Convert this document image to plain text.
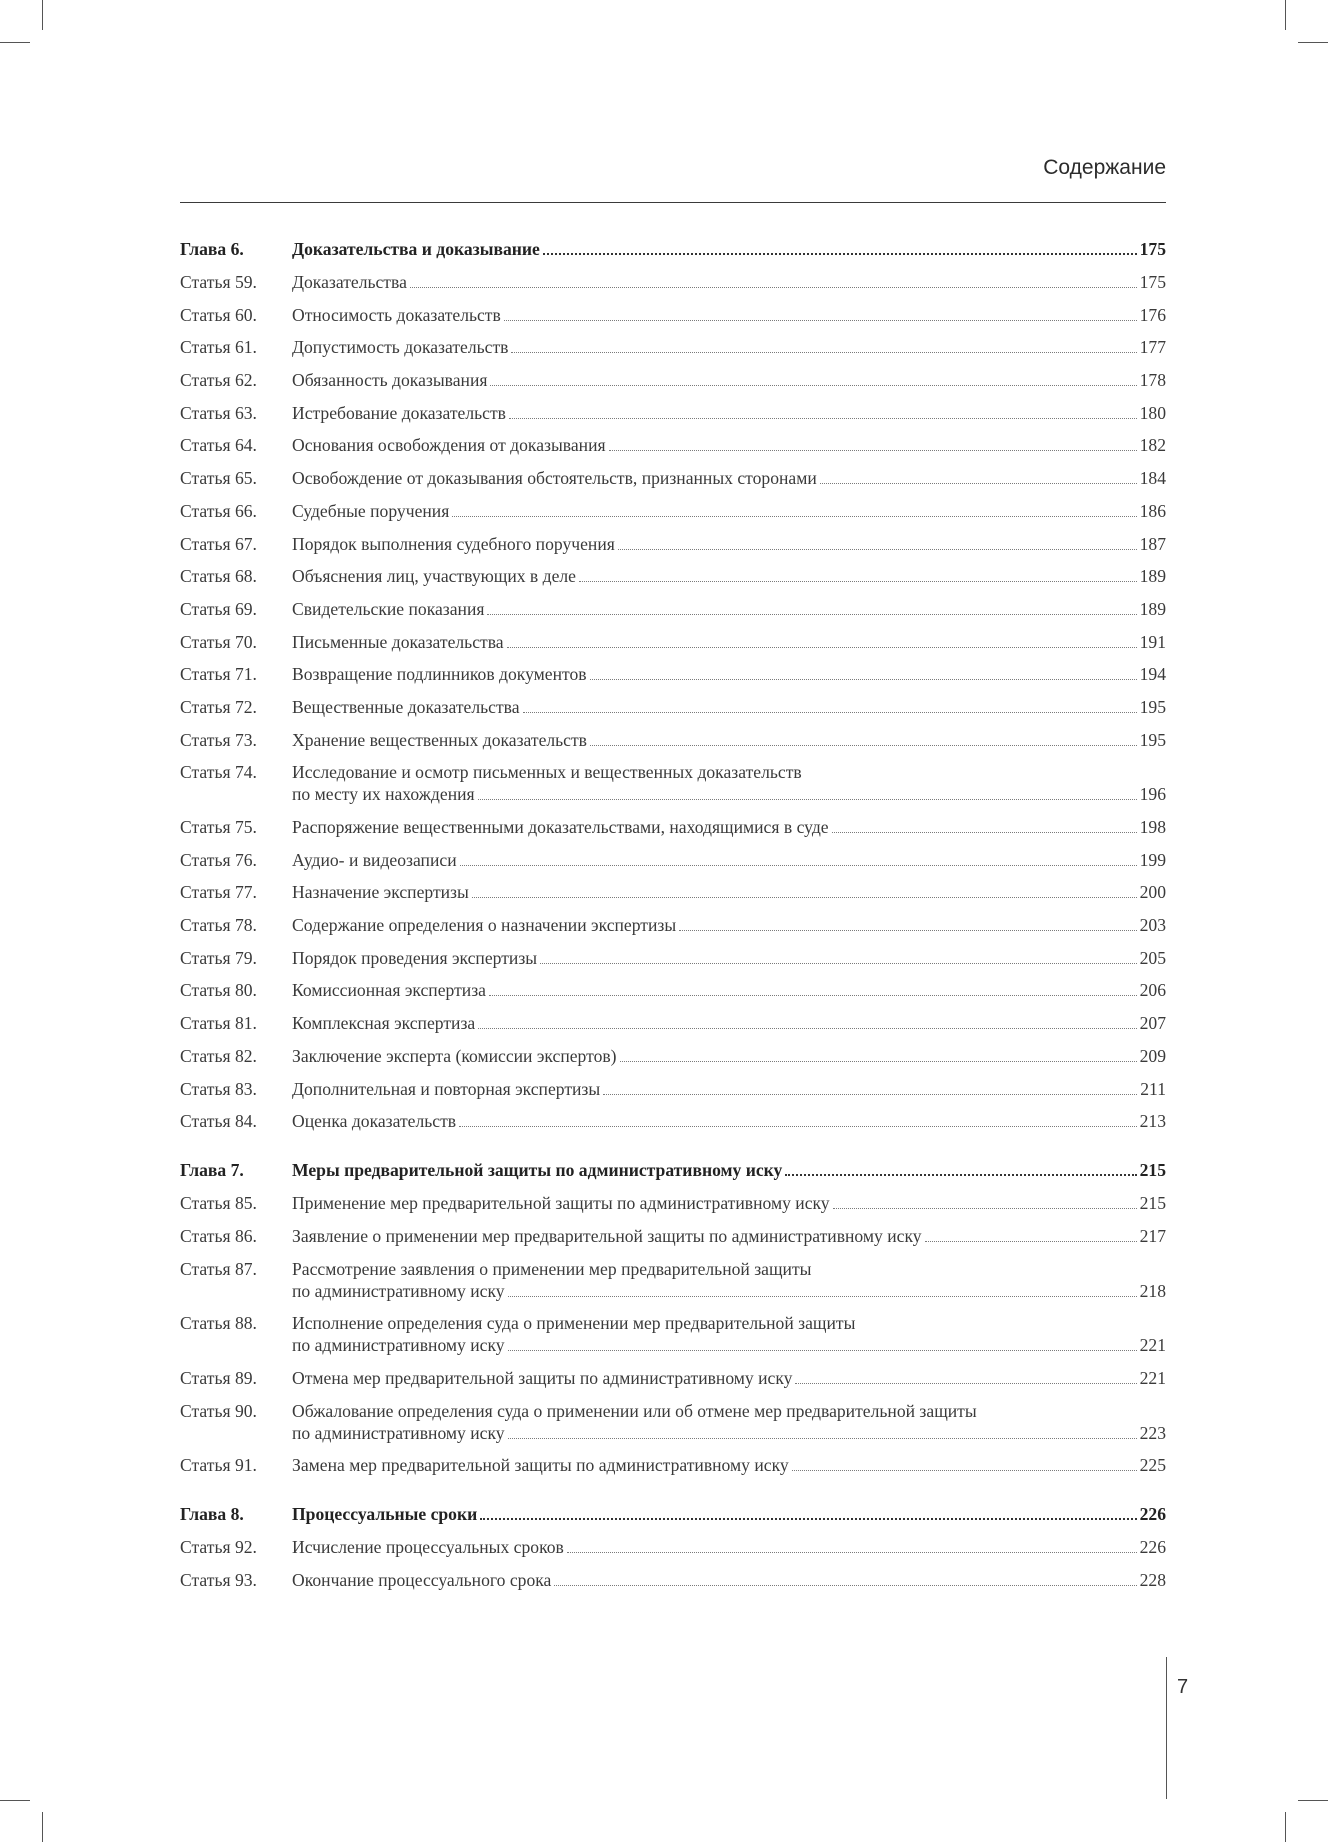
Содержание
Глава 6.	Доказательства и доказывание	175
Статья 59.	Доказательства	175
Статья 60.	Относимость доказательств	176
Статья 61.	Допустимость доказательств	177
Статья 62.	Обязанность доказывания	178
Статья 63.	Истребование доказательств	180
Статья 64.	Основания освобождения от доказывания	182
Статья 65.	Освобождение от доказывания обстоятельств, признанных сторонами	184
Статья 66.	Судебные поручения	186
Статья 67.	Порядок выполнения судебного поручения	187
Статья 68.	Объяснения лиц, участвующих в деле	189
Статья 69.	Свидетельские показания	189
Статья 70.	Письменные доказательства	191
Статья 71.	Возвращение подлинников документов	194
Статья 72.	Вещественные доказательства	195
Статья 73.	Хранение вещественных доказательств	195
Статья 74.	Исследование и осмотр письменных и вещественных доказательств
по месту их нахождения	196
Статья 75.	Распоряжение вещественными доказательствами, находящимися в суде	198
Статья 76.	Аудио- и видеозаписи	199
Статья 77.	Назначение экспертизы	200
Статья 78.	Содержание определения о назначении экспертизы	203
Статья 79.	Порядок проведения экспертизы	205
Статья 80.	Комиссионная экспертиза	206
Статья 81.	Комплексная экспертиза	207
Статья 82.	Заключение эксперта (комиссии экспертов)	209
Статья 83.	Дополнительная и повторная экспертизы	211
Статья 84.	Оценка доказательств	213
Глава 7.	Меры предварительной защиты по административному иску	215
Статья 85.	Применение мер предварительной защиты по административному иску	215
Статья 86.	Заявление о применении мер предварительной защиты по административному иску	217
Статья 87.	Рассмотрение заявления о применении мер предварительной защиты
по административному иску	218
Статья 88.	Исполнение определения суда о применении мер предварительной защиты
по административному иску	221
Статья 89.	Отмена мер предварительной защиты по административному иску	221
Статья 90.	Обжалование определения суда о применении или об отмене мер предварительной защиты
по административному иску	223
Статья 91.	Замена мер предварительной защиты по административному иску	225
Глава 8.	Процессуальные сроки	226
Статья 92.	Исчисление процессуальных сроков	226
Статья 93.	Окончание процессуального срока	228
7
